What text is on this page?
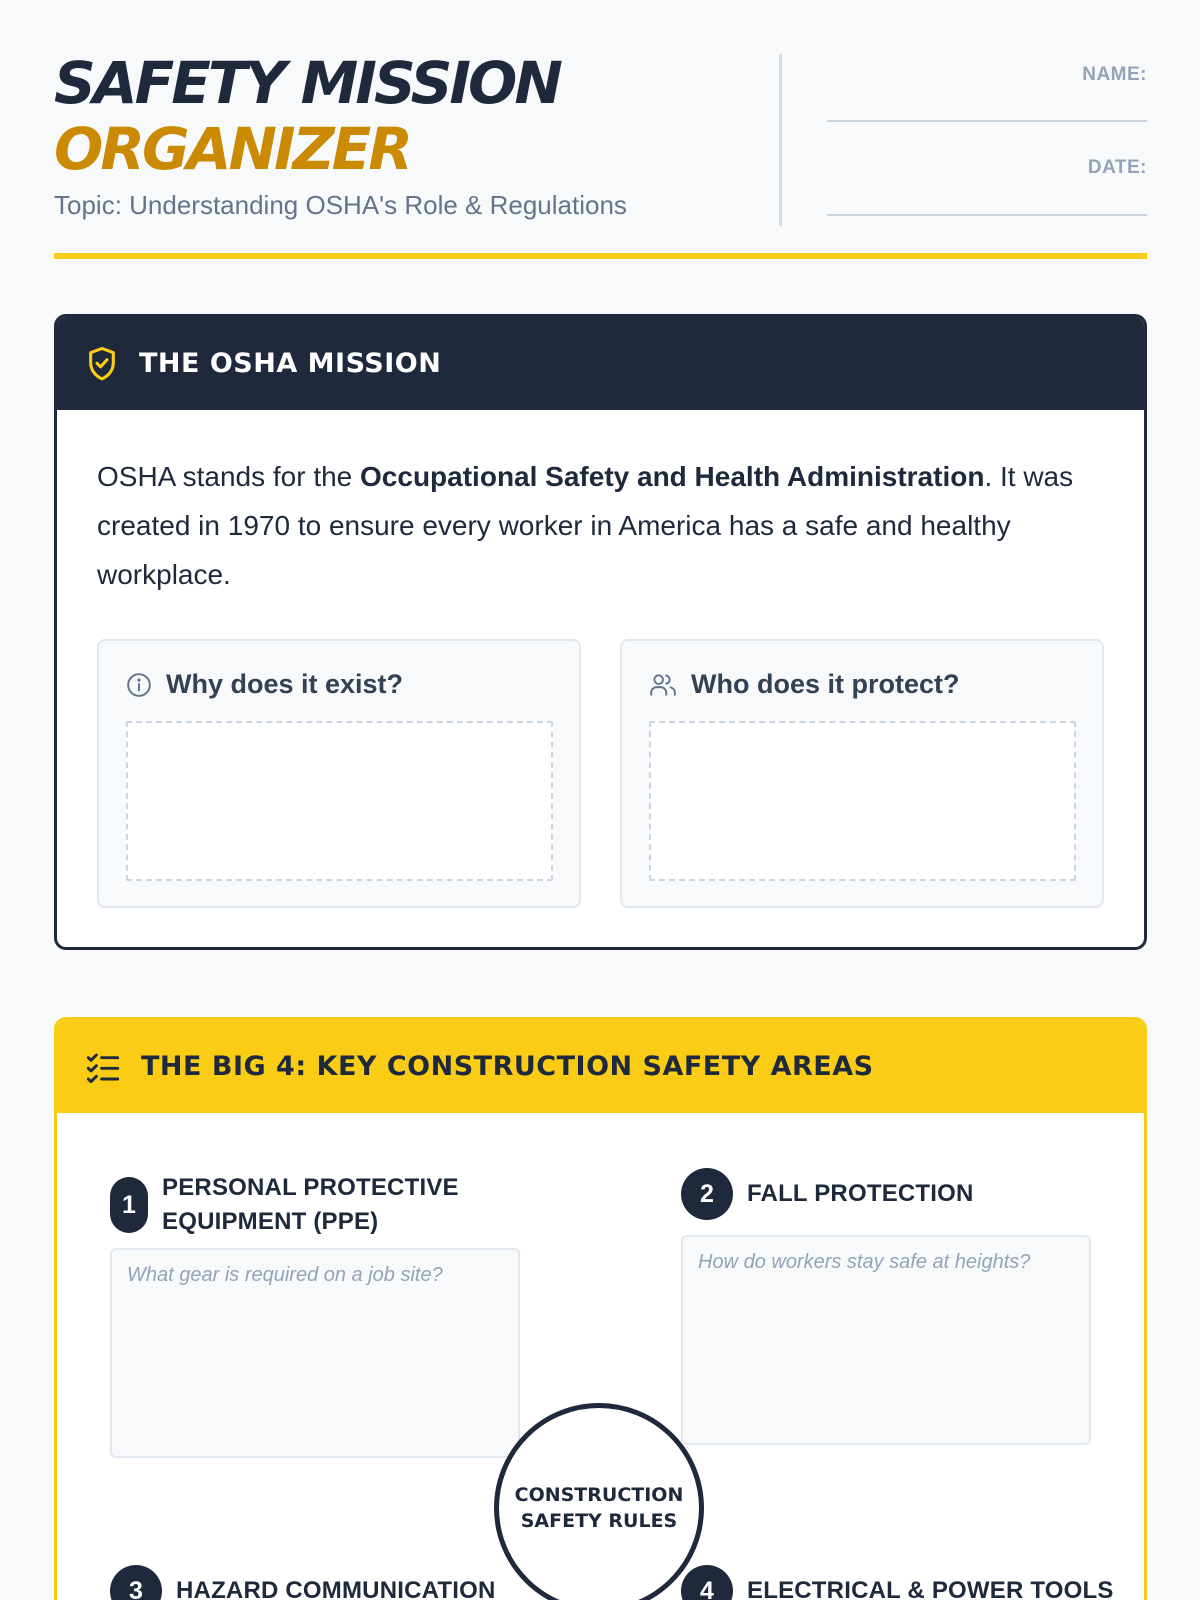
SAFETY MISSION
ORGANIZER
Topic: Understanding OSHA's Role & Regulations
NAME:
DATE:
THE OSHA MISSION

OSHA stands for the Occupational Safety and Health Administration. It was created in 1970 to ensure every worker in America has a safe and healthy workplace.

Why does it exist?	Who does it protect?
THE BIG 4: KEY CONSTRUCTION SAFETY AREAS
1
PERSONAL PROTECTIVE
EQUIPMENT (PPE)
What gear is required on a job site?
2	FALL PROTECTION
How do workers stay safe at heights?
3	HAZARD COMMUNICATION	4	ELECTRICAL & POWER TOOLS
CONSTRUCTION
SAFETY RULES
